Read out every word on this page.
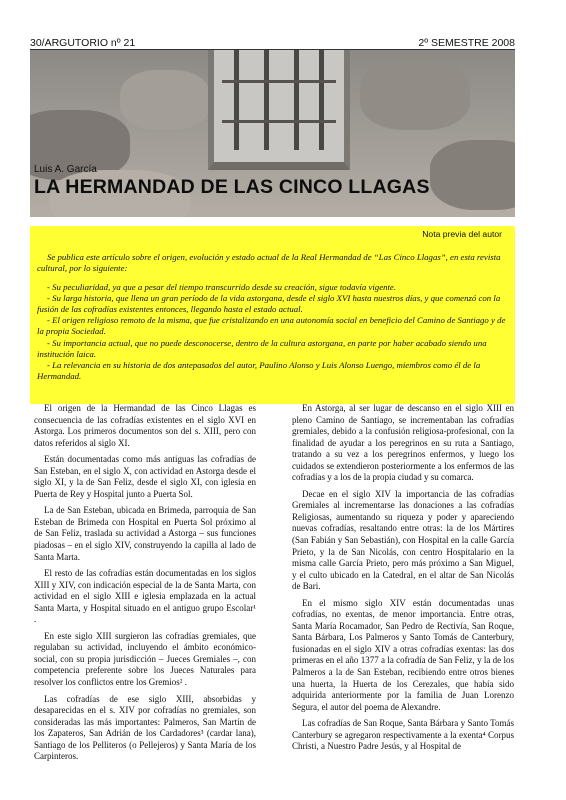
30/ARGUTORIO nº 21	2º SEMESTRE 2008
Luis A. García
LA HERMANDAD DE LAS CINCO LLAGAS
Nota previa del autor

Se publica este artículo sobre el origen, evolución y estado actual de la Real Hermandad de “Las Cinco Llagas”, en esta revista cultural, por lo siguiente:

- Su peculiaridad, ya que a pesar del tiempo transcurrido desde su creación, sigue todavía vigente.

- Su larga historia, que llena un gran período de la vida astorgana, desde el siglo XVI hasta nuestros días, y que comenzó con la fusión de las cofradías existentes entonces, llegando hasta el estado actual.

- El origen religioso remoto de la misma, que fue cristalizando en una autonomía social en beneficio del Camino de Santiago y de la propia Sociedad.

- Su importancia actual, que no puede desconocerse, dentro de la cultura astorgana, en parte por haber acabado siendo una institución laica.

- La relevancia en su historia de dos antepasados del autor, Paulino Alonso y Luis Alonso Luengo, miembros como él de la Hermandad.

El origen de la Hermandad de las Cinco Llagas es consecuencia de las cofradías existentes en el siglo XVI en Astorga. Los primeros documentos son del s. XIII, pero con datos referidos al siglo XI.

Están documentadas como más antiguas las cofradías de San Esteban, en el siglo X, con actividad en Astorga desde el siglo XI, y la de San Feliz, desde el siglo XI, con iglesia en Puerta de Rey y Hospital junto a Puerta Sol.

La de San Esteban, ubicada en Brimeda, parroquia de San Esteban de Brimeda con Hospital en Puerta Sol próximo al de San Feliz, traslada su actividad a Astorga – sus funciones piadosas – en el siglo XIV, construyendo la capilla al lado de Santa Marta.

El resto de las cofradías están documentadas en los siglos XIII y XIV, con indicación especial de la de Santa Marta, con actividad en el siglo XIII e iglesia emplazada en la actual Santa Marta, y Hospital situado en el antiguo grupo Escolar¹ .

En este siglo XIII surgieron las cofradías gremiales, que regulaban su actividad, incluyendo el ámbito económico-social, con su propia jurisdicción – Jueces Gremiales –, con competencia preferente sobre los Jueces Naturales para resolver los conflictos entre los Gremios² .

Las cofradías de ese siglo XIII, absorbidas y desaparecidas en el s. XIV por cofradías no gremiales, son consideradas las más importantes: Palmeros, San Martín de los Zapateros, San Adrián de los Cardadores³ (cardar lana), Santiago de los Pelliteros (o Pellejeros) y Santa María de los Carpinteros.

En Astorga, al ser lugar de descanso en el siglo XIII en pleno Camino de Santiago, se incrementaban las cofradías gremiales, debido a la confusión religiosa-profesional, con la finalidad de ayudar a los peregrinos en su ruta a Santiago, tratando a su vez a los peregrinos enfermos, y luego los cuidados se extendieron posteriormente a los enfermos de las cofradías y a los de la propia ciudad y su comarca.

Decae en el siglo XIV la importancia de las cofradías Gremiales al incrementarse las donaciones a las cofradías Religiosas, aumentando su riqueza y poder y apareciendo nuevas cofradías, resaltando entre otras: la de los Mártires (San Fabián y San Sebastián), con Hospital en la calle García Prieto, y la de San Nicolás, con centro Hospitalario en la misma calle García Prieto, pero más próximo a San Miguel, y el culto ubicado en la Catedral, en el altar de San Nicolás de Bari.

En el mismo siglo XIV están documentadas unas cofradías, no exentas, de menor importancia. Entre otras, Santa María Rocamador, San Pedro de Rectivía, San Roque, Santa Bárbara, Los Palmeros y Santo Tomás de Canterbury, fusionadas en el siglo XIV a otras cofradías exentas: las dos primeras en el año 1377 a la cofradía de San Feliz, y la de los Palmeros a la de San Esteban, recibiendo entre otros bienes una huerta, la Huerta de los Cerezales, que había sido adquirida anteriormente por la familia de Juan Lorenzo Segura, el autor del poema de Alexandre.

Las cofradías de San Roque, Santa Bárbara y Santo Tomás Canterbury se agregaron respectivamente a la exenta⁴ Corpus Christi, a Nuestro Padre Jesús, y al Hospital de
